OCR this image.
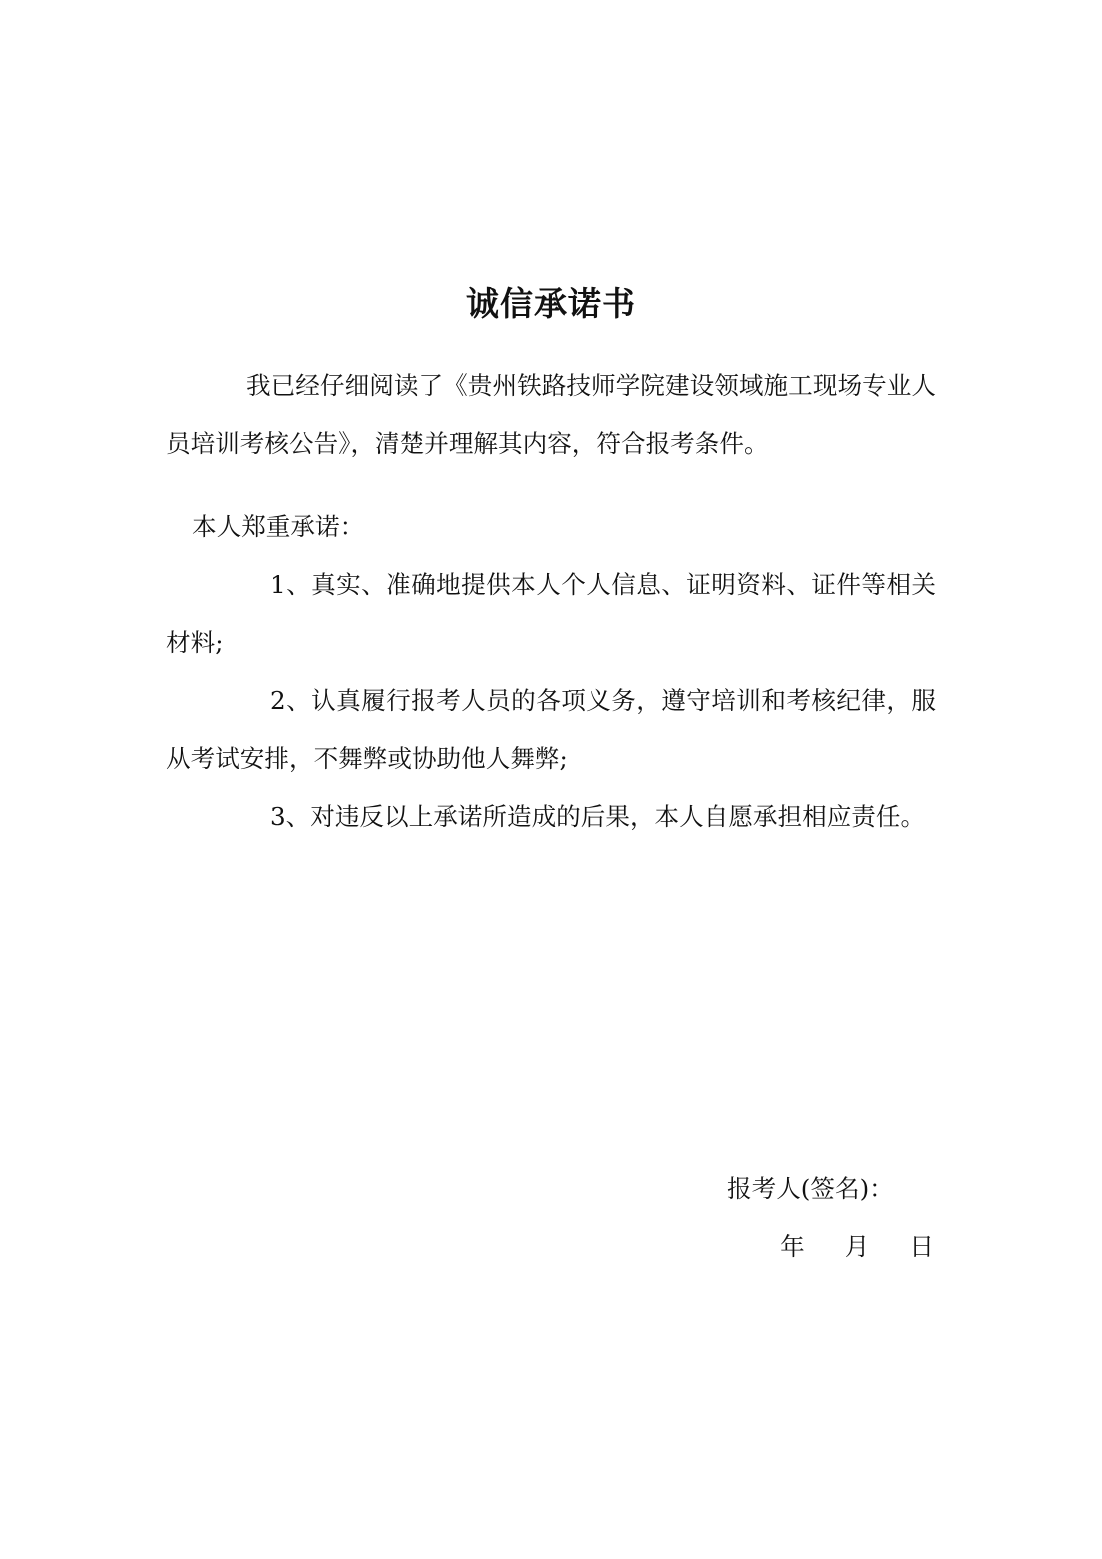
诚信承诺书
我已经仔细阅读了《贵州铁路技师学院建设领域施工现场专业人员培训考核公告》，清楚并理解其内容，符合报考条件。
本人郑重承诺：
1、真实、准确地提供本人个人信息、证明资料、证件等相关材料;
2、认真履行报考人员的各项义务，遵守培训和考核纪律，服从考试安排，不舞弊或协助他人舞弊;
3、对违反以上承诺所造成的后果，本人自愿承担相应责任。
报考人(签名)：
年 月 日
